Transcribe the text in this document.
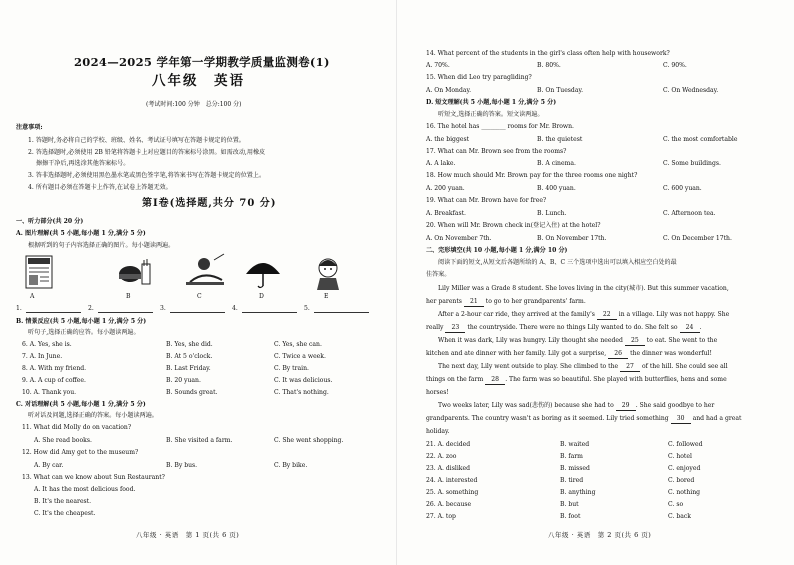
2024—2025 学年第一学期教学质量监测卷(1)
八年级　英语
(考试时间:100 分钟　总分:100 分)
注意事项:
1. 答题时,务必将自己的学校、班级、姓名、考试证号填写在答题卡规定的位置。
2. 答选择题时,必须使用 2B 铅笔将答题卡上对应题目的答案标号涂黑。如需改动,用橡皮
擦擦干净后,再选涂其他答案标号。
3. 答非选择题时,必须使用黑色墨水笔或黑色签字笔,将答案书写在答题卡规定的位置上。
4. 所有题目必须在答题卡上作答,在试卷上答题无效。
第Ⅰ卷(选择题,共分 70 分)
一、听力部分(共 20 分)
A. 图片理解(共 5 小题,每小题 1 分,满分 5 分)
根据听到的句子内容选择正确的图片。每小题读两遍。
A	B	C	D	E
1.	2.	3.	4.	5.
B. 情景反应(共 5 小题,每小题 1 分,满分 5 分)
听句子,选择正确的应答。每小题读两遍。
6. A. Yes, she is.	B. Yes, she did.	C. Yes, she can.
7. A. In June.	B. At 5 o'clock.	C. Twice a week.
8. A. With my friend.	B. Last Friday.	C. By train.
9. A. A cup of coffee.	B. 20 yuan.	C. It was delicious.
10. A. Thank you.	B. Sounds great.	C. That's nothing.
C. 对话理解(共 5 小题,每小题 1 分,满分 5 分)
听对话及问题,选择正确的答案。每小题读两遍。
11. What did Molly do on vacation?
A. She read books.	B. She visited a farm.	C. She went shopping.
12. How did Amy get to the museum?
A. By car.	B. By bus.	C. By bike.
13. What can we know about Sun Restaurant?
A. It has the most delicious food.
B. It's the nearest.
C. It's the cheapest.
八年级 · 英语　第 1 页(共 6 页)
14. What percent of the students in the girl's class often help with housework?
A. 70%.	B. 80%.	C. 90%.
15. When did Leo try paragliding?
A. On Monday.	B. On Tuesday.	C. On Wednesday.
D. 短文理解(共 5 小题,每小题 1 分,满分 5 分)
听短文,选择正确的答案。短文读两遍。
16. The hotel has ________ rooms for Mr. Brown.
A. the biggest	B. the quietest	C. the most comfortable
17. What can Mr. Brown see from the rooms?
A. A lake.	B. A cinema.	C. Some buildings.
18. How much should Mr. Brown pay for the three rooms one night?
A. 200 yuan.	B. 400 yuan.	C. 600 yuan.
19. What can Mr. Brown have for free?
A. Breakfast.	B. Lunch.	C. Afternoon tea.
20. When will Mr. Brown check in(登记入住) at the hotel?
A. On November 7th.	B. On November 17th.	C. On December 17th.
二、完形填空(共 10 小题,每小题 1 分,满分 10 分)
阅读下面的短文,从短文后各题所给的 A、B、C 三个选项中选出可以填入相应空白处的最
佳答案。
Lily Miller was a Grade 8 student. She loves living in the city(城市). But this summer vacation,
her parents 21 to go to her grandparents' farm.
After a 2-hour car ride, they arrived at the family's 22 in a village. Lily was not happy. She
really 23 the countryside. There were no things Lily wanted to do. She felt so 24 .
When it was dark, Lily was hungry. Lily thought she needed 25 to eat. She went to the
kitchen and ate dinner with her family. Lily got a surprise, 26 the dinner was wonderful!
The next day, Lily went outside to play. She climbed to the 27 of the hill. She could see all
things on the farm 28 . The farm was so beautiful. She played with butterflies, hens and some
horses!
Two weeks later, Lily was sad(悲伤的) because she had to 29 . She said goodbye to her
grandparents. The country wasn't as boring as it seemed. Lily tried something 30 and had a great
holiday.
21. A. decided	B. waited	C. followed
22. A. zoo	B. farm	C. hotel
23. A. disliked	B. missed	C. enjoyed
24. A. interested	B. tired	C. bored
25. A. something	B. anything	C. nothing
26. A. because	B. but	C. so
27. A. top	B. foot	C. back
八年级 · 英语　第 2 页(共 6 页)
